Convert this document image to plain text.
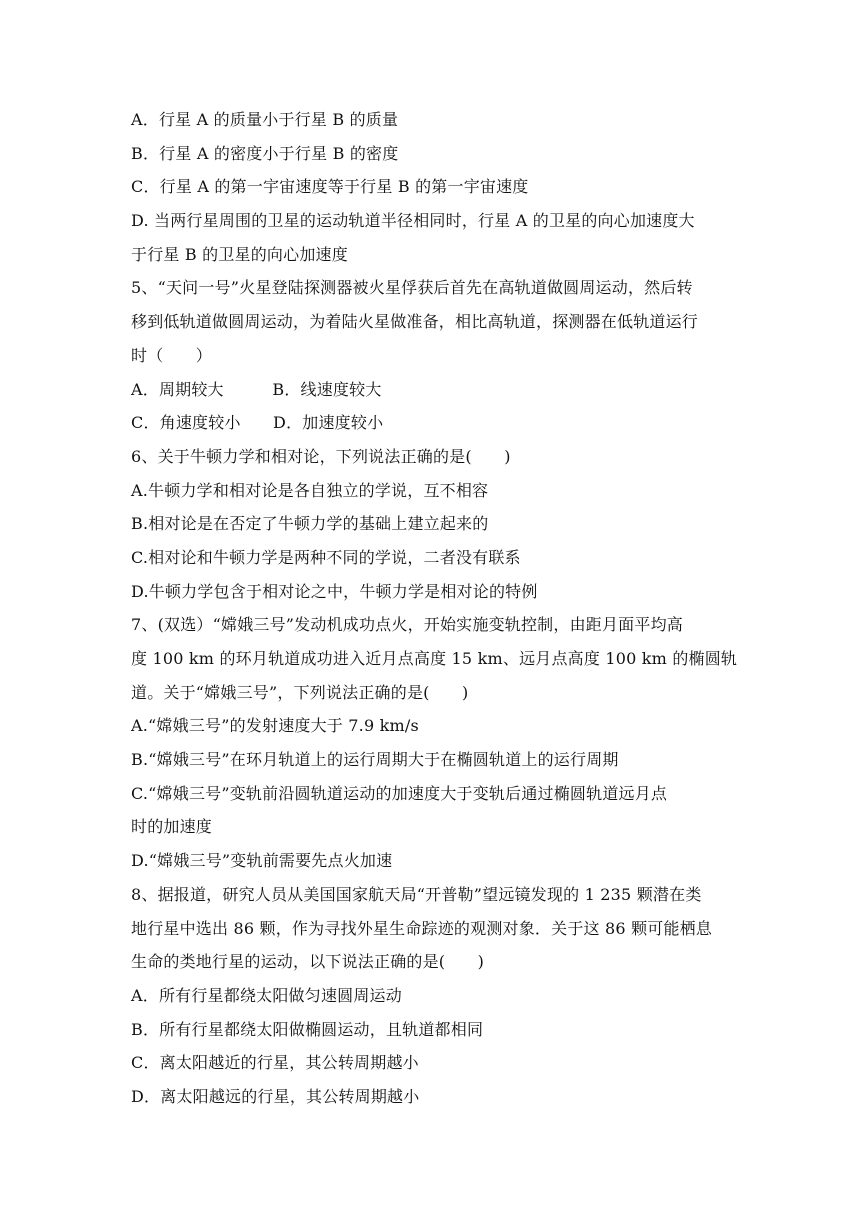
A．行星 A 的质量小于行星 B 的质量
B．行星 A 的密度小于行星 B 的密度
C．行星 A 的第一宇宙速度等于行星 B 的第一宇宙速度
D. 当两行星周围的卫星的运动轨道半径相同时，行星 A 的卫星的向心加速度大
于行星 B 的卫星的向心加速度
5、“天问一号”火星登陆探测器被火星俘获后首先在高轨道做圆周运动，然后转
移到低轨道做圆周运动，为着陆火星做准备，相比高轨道，探测器在低轨道运行
时（　　）
A．周期较大　　　B．线速度较大
C．角速度较小　　D．加速度较小
6、关于牛顿力学和相对论，下列说法正确的是(　　)
A.牛顿力学和相对论是各自独立的学说，互不相容
B.相对论是在否定了牛顿力学的基础上建立起来的
C.相对论和牛顿力学是两种不同的学说，二者没有联系
D.牛顿力学包含于相对论之中，牛顿力学是相对论的特例
7、(双选）“嫦娥三号”发动机成功点火，开始实施变轨控制，由距月面平均高
度 100 km 的环月轨道成功进入近月点高度 15 km、远月点高度 100 km 的椭圆轨
道。关于“嫦娥三号”，下列说法正确的是(　　)
A.“嫦娥三号”的发射速度大于 7.9 km/s
B.“嫦娥三号”在环月轨道上的运行周期大于在椭圆轨道上的运行周期
C.“嫦娥三号”变轨前沿圆轨道运动的加速度大于变轨后通过椭圆轨道远月点
时的加速度
D.“嫦娥三号”变轨前需要先点火加速
8、据报道，研究人员从美国国家航天局“开普勒”望远镜发现的 1 235 颗潜在类
地行星中选出 86 颗，作为寻找外星生命踪迹的观测对象．关于这 86 颗可能栖息
生命的类地行星的运动，以下说法正确的是(　　)
A．所有行星都绕太阳做匀速圆周运动
B．所有行星都绕太阳做椭圆运动，且轨道都相同
C．离太阳越近的行星，其公转周期越小
D．离太阳越远的行星，其公转周期越小
